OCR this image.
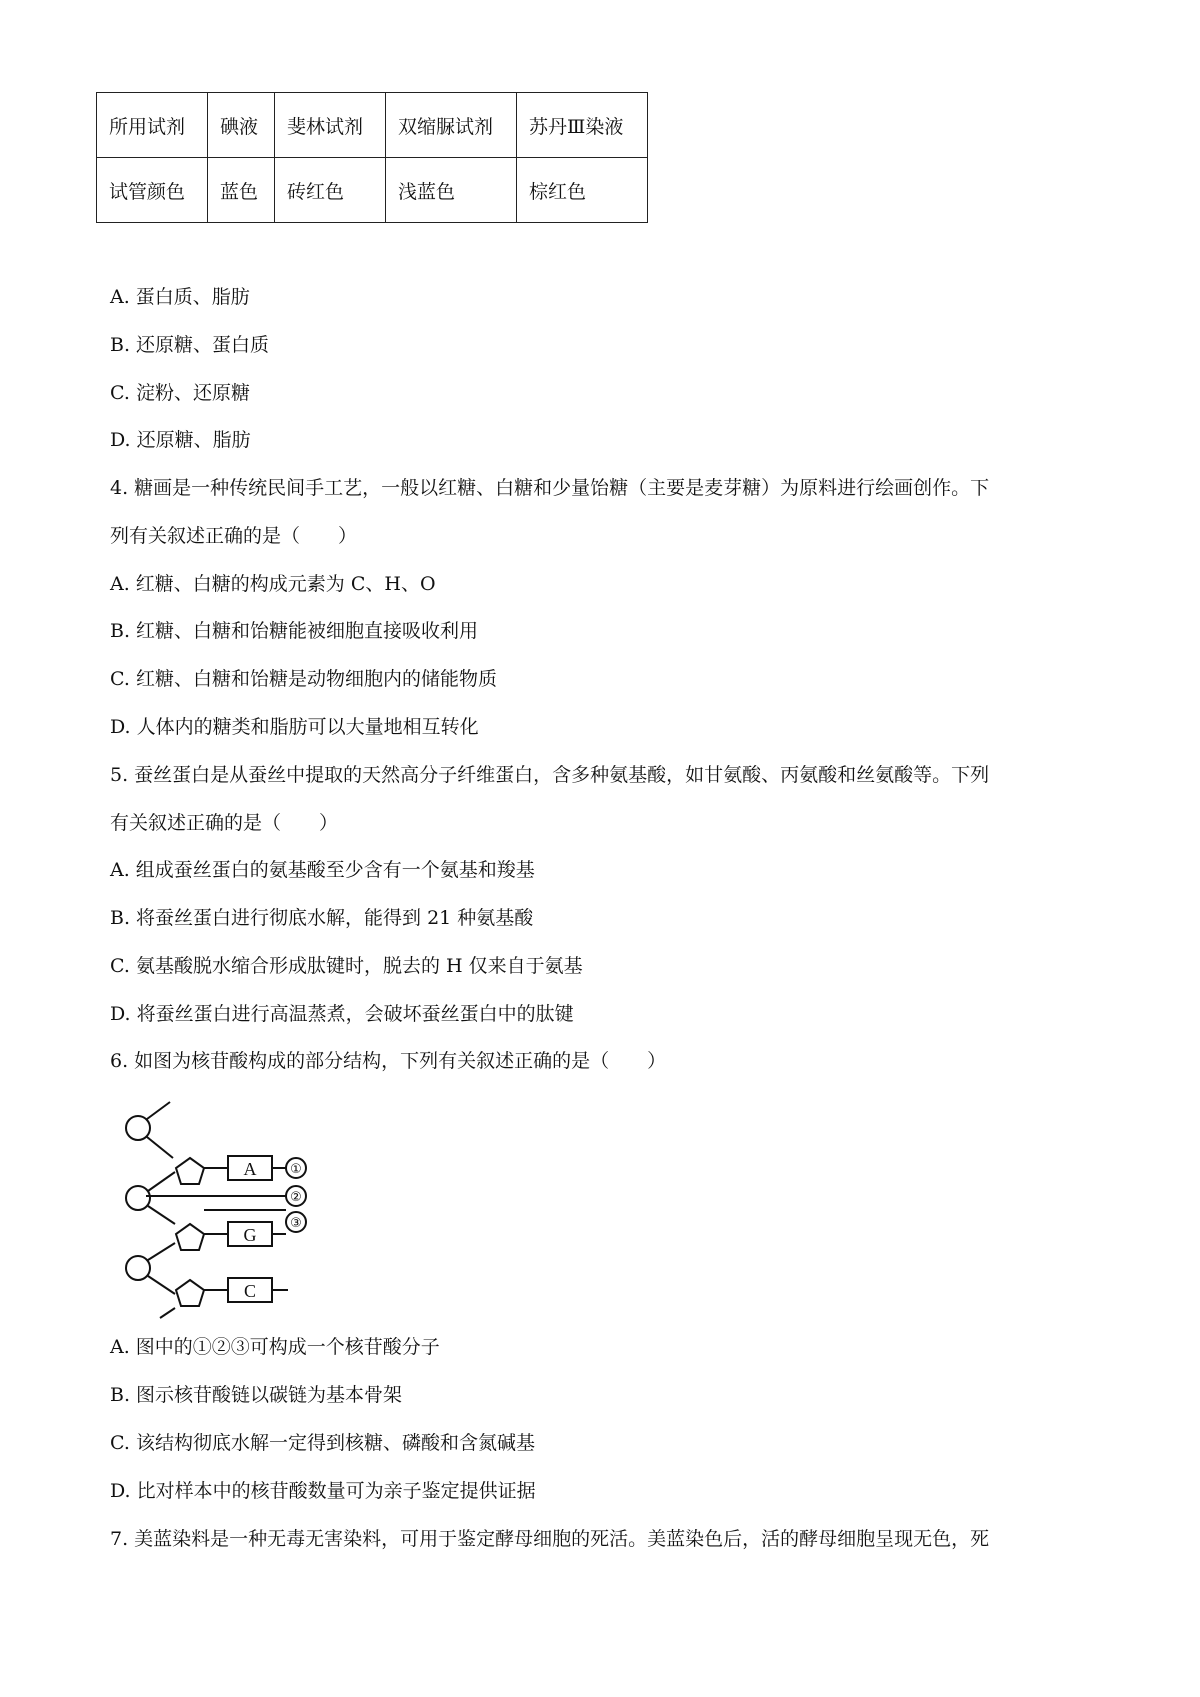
所用试剂	碘液	斐林试剂	双缩脲试剂	苏丹Ⅲ染液
试管颜色	蓝色	砖红色	浅蓝色	棕红色
A. 蛋白质、脂肪
B. 还原糖、蛋白质
C. 淀粉、还原糖
D. 还原糖、脂肪
4. 糖画是一种传统民间手工艺，一般以红糖、白糖和少量饴糖（主要是麦芽糖）为原料进行绘画创作。下
列有关叙述正确的是（　　）
A. 红糖、白糖的构成元素为 C、H、O
B. 红糖、白糖和饴糖能被细胞直接吸收利用
C. 红糖、白糖和饴糖是动物细胞内的储能物质
D. 人体内的糖类和脂肪可以大量地相互转化
5. 蚕丝蛋白是从蚕丝中提取的天然高分子纤维蛋白，含多种氨基酸，如甘氨酸、丙氨酸和丝氨酸等。下列
有关叙述正确的是（　　）
A. 组成蚕丝蛋白的氨基酸至少含有一个氨基和羧基
B. 将蚕丝蛋白进行彻底水解，能得到 21 种氨基酸
C. 氨基酸脱水缩合形成肽键时，脱去的 H 仅来自于氨基
D. 将蚕丝蛋白进行高温蒸煮，会破坏蚕丝蛋白中的肽键
6. 如图为核苷酸构成的部分结构，下列有关叙述正确的是（　　）
A
G
C
①
②
③
A. 图中的①②③可构成一个核苷酸分子
B. 图示核苷酸链以碳链为基本骨架
C. 该结构彻底水解一定得到核糖、磷酸和含氮碱基
D. 比对样本中的核苷酸数量可为亲子鉴定提供证据
7. 美蓝染料是一种无毒无害染料，可用于鉴定酵母细胞的死活。美蓝染色后，活的酵母细胞呈现无色，死
